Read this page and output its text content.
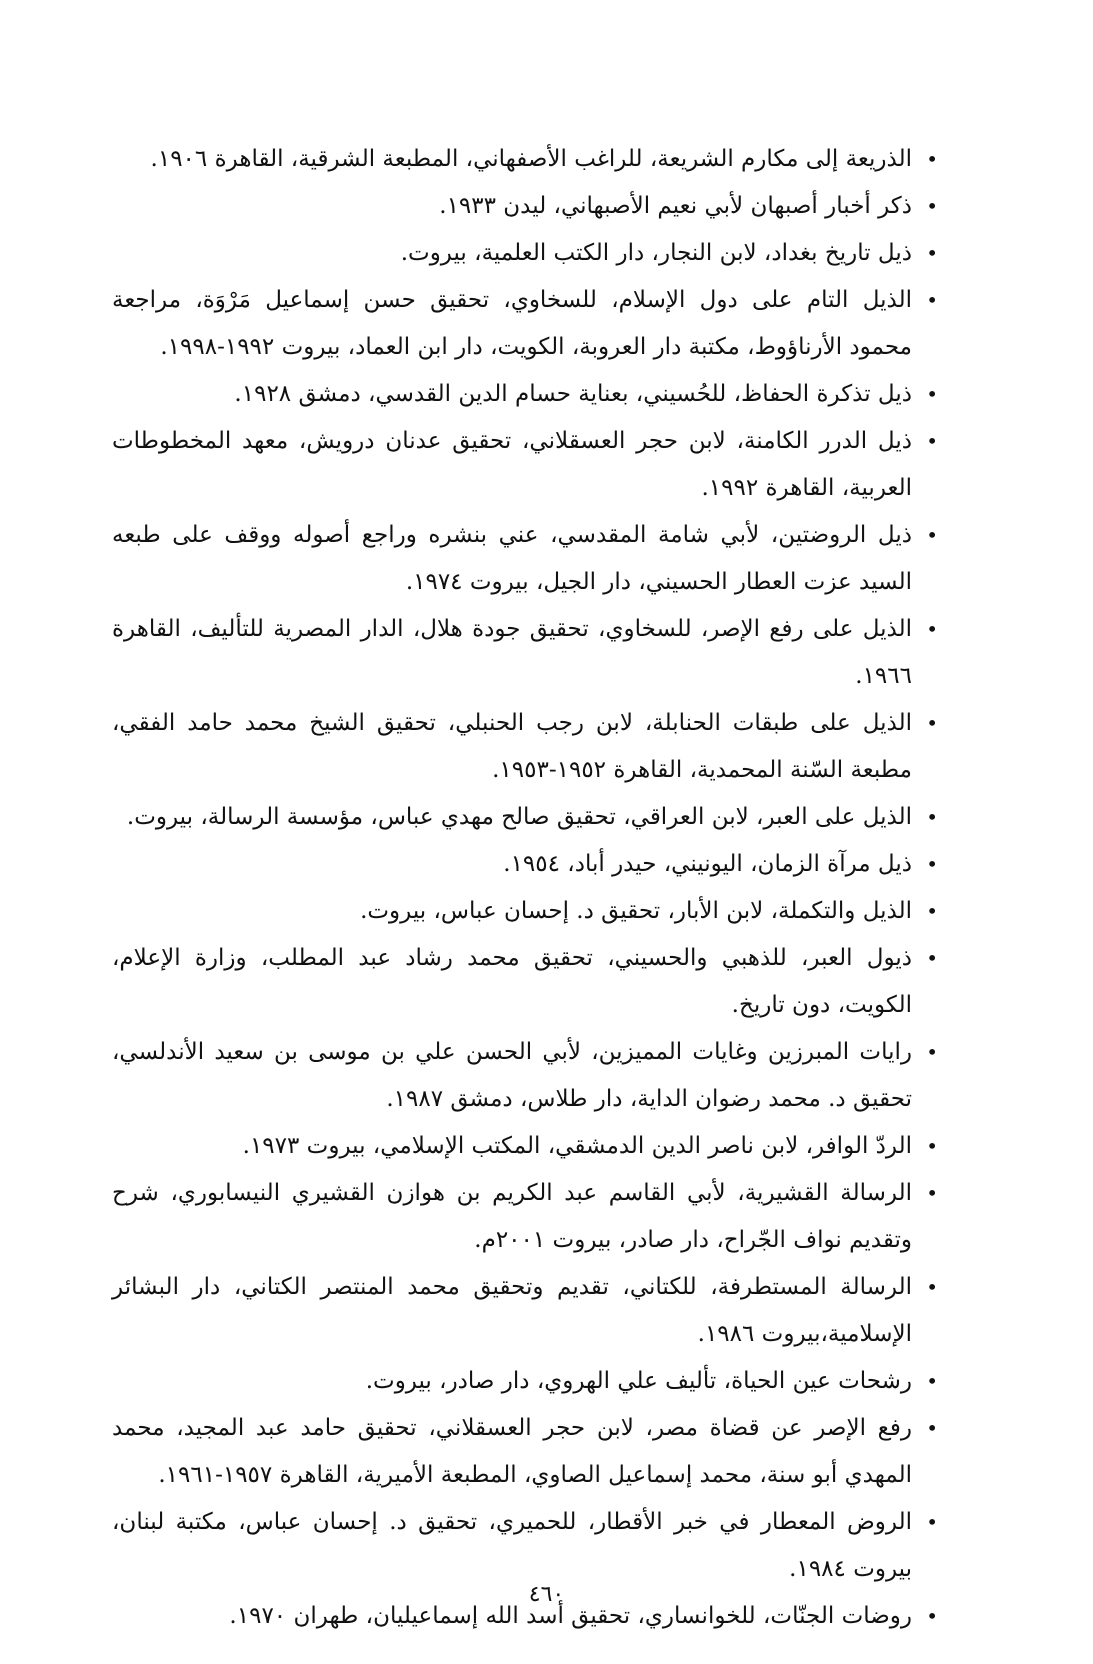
•
الذريعة إلى مكارم الشريعة، للراغب الأصفهاني، المطبعة الشرقية، القاهرة ١٩٠٦.
•
ذكر أخبار أصبهان لأبي نعيم الأصبهاني، ليدن ١٩٣٣.
•
ذيل تاريخ بغداد، لابن النجار، دار الكتب العلمية، بيروت.
•
الذيل التام على دول الإسلام، للسخاوي، تحقيق حسن إسماعيل مَرْوَة، مراجعة محمود الأرناؤوط، مكتبة دار العروبة، الكويت، دار ابن العماد، بيروت ١٩٩٢-١٩٩٨.
•
ذيل تذكرة الحفاظ، للحُسيني، بعناية حسام الدين القدسي، دمشق ١٩٢٨.
•
ذيل الدرر الكامنة، لابن حجر العسقلاني، تحقيق عدنان درويش، معهد المخطوطات العربية، القاهرة ١٩٩٢.
•
ذيل الروضتين، لأبي شامة المقدسي، عني بنشره وراجع أصوله ووقف على طبعه السيد عزت العطار الحسيني، دار الجيل، بيروت ١٩٧٤.
•
الذيل على رفع الإصر، للسخاوي، تحقيق جودة هلال، الدار المصرية للتأليف، القاهرة ١٩٦٦.
•
الذيل على طبقات الحنابلة، لابن رجب الحنبلي، تحقيق الشيخ محمد حامد الفقي، مطبعة السّنة المحمدية، القاهرة ١٩٥٢-١٩٥٣.
•
الذيل على العبر، لابن العراقي، تحقيق صالح مهدي عباس، مؤسسة الرسالة، بيروت.
•
ذيل مرآة الزمان، اليونيني، حيدر أباد، ١٩٥٤.
•
الذيل والتكملة، لابن الأبار، تحقيق د. إحسان عباس، بيروت.
•
ذيول العبر، للذهبي والحسيني، تحقيق محمد رشاد عبد المطلب، وزارة الإعلام، الكويت، دون تاريخ.
•
رايات المبرزين وغايات المميزين، لأبي الحسن علي بن موسى بن سعيد الأندلسي، تحقيق د. محمد رضوان الداية، دار طلاس، دمشق ١٩٨٧.
•
الردّ الوافر، لابن ناصر الدين الدمشقي، المكتب الإسلامي، بيروت ١٩٧٣.
•
الرسالة القشيرية، لأبي القاسم عبد الكريم بن هوازن القشيري النيسابوري، شرح وتقديم نواف الجّراح، دار صادر، بيروت ٢٠٠١م.
•
الرسالة المستطرفة، للكتاني، تقديم وتحقيق محمد المنتصر الكتاني، دار البشائر الإسلامية،بيروت ١٩٨٦.
•
رشحات عين الحياة، تأليف علي الهروي، دار صادر، بيروت.
•
رفع الإصر عن قضاة مصر، لابن حجر العسقلاني، تحقيق حامد عبد المجيد، محمد المهدي أبو سنة، محمد إسماعيل الصاوي، المطبعة الأميرية، القاهرة ١٩٥٧-١٩٦١.
•
الروض المعطار في خبر الأقطار، للحميري، تحقيق د. إحسان عباس، مكتبة لبنان، بيروت ١٩٨٤.
•
روضات الجنّات، للخوانساري، تحقيق أسد الله إسماعيليان، طهران ١٩٧٠.
٤٦٠
